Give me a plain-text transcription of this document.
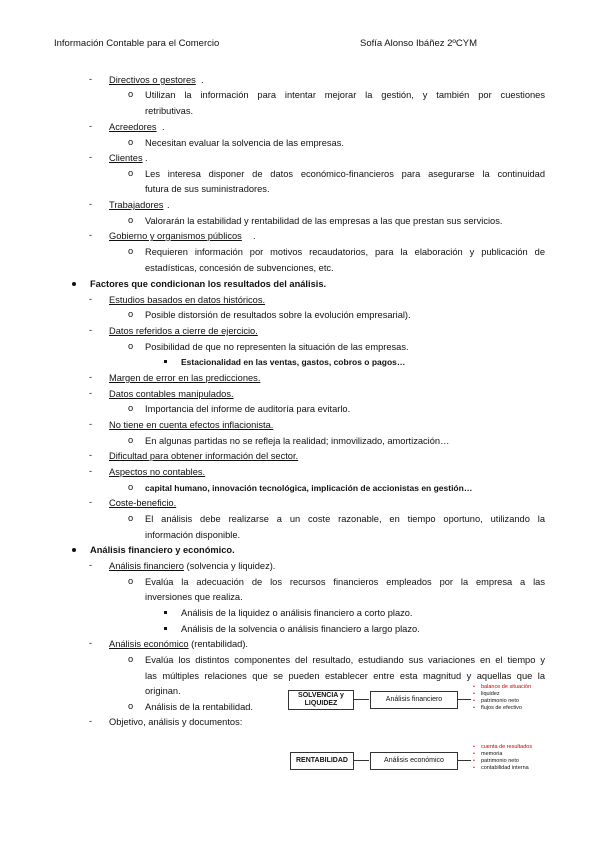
Información Contable para el Comercio	Sofía Alonso Ibáñez 2ºCYM
- Directivos o gestores .
o Utilizan la información para intentar mejorar la gestión, y también por cuestiones
retributivas.
- Acreedores .
o Necesitan evaluar la solvencia de las empresas.
- Clientes .
o Les interesa disponer de datos económico-financieros para asegurarse la continuidad
futura de sus suministradores.
- Trabajadores .
o Valorarán la estabilidad y rentabilidad de las empresas a las que prestan sus servicios.
- Gobierno y organismos públicos .
o Requieren información por motivos recaudatorios, para la elaboración y publicación de
estadísticas, concesión de subvenciones, etc.
Factores que condicionan los resultados del análisis.
- Estudios basados en datos históricos.
o Posible distorsión de resultados sobre la evolución empresarial).
- Datos referidos a cierre de ejercicio.
o Posibilidad de que no representen la situación de las empresas.
Estacionalidad en las ventas, gastos, cobros o pagos…
- Margen de error en las predicciones.
- Datos contables manipulados.
o Importancia del informe de auditoría para evitarlo.
- No tiene en cuenta efectos inflacionista.
o En algunas partidas no se refleja la realidad; inmovilizado, amortización…
- Dificultad para obtener información del sector.
- Aspectos no contables.
o capital humano, innovación tecnológica, implicación de accionistas en gestión…
- Coste-beneficio.
o El análisis debe realizarse a un coste razonable, en tiempo oportuno, utilizando la
información disponible.
Análisis financiero y económico.
- Análisis financiero (solvencia y liquidez).
o Evalúa la adecuación de los recursos financieros empleados por la empresa a las
inversiones que realiza.
Análisis de la liquidez o análisis financiero a corto plazo.
Análisis de la solvencia o análisis financiero a largo plazo.
- Análisis económico (rentabilidad).
o Evalúa los distintos componentes del resultado, estudiando sus variaciones en el tiempo y
las múltiples relaciones que se pueden establecer entre esta magnitud y aquellas que la
originan.
o Análisis de la rentabilidad.
- Objetivo, análisis y documentos:
SOLVENCIA y
LIQUIDEZ
Análisis financiero
• balance de situación
• liquidez
• patrimonio neto
• flujos de efectivo
RENTABILIDAD	Análisis económico
• cuenta de resultados
• memoria
• patrimonio neto
• contabilidad interna
